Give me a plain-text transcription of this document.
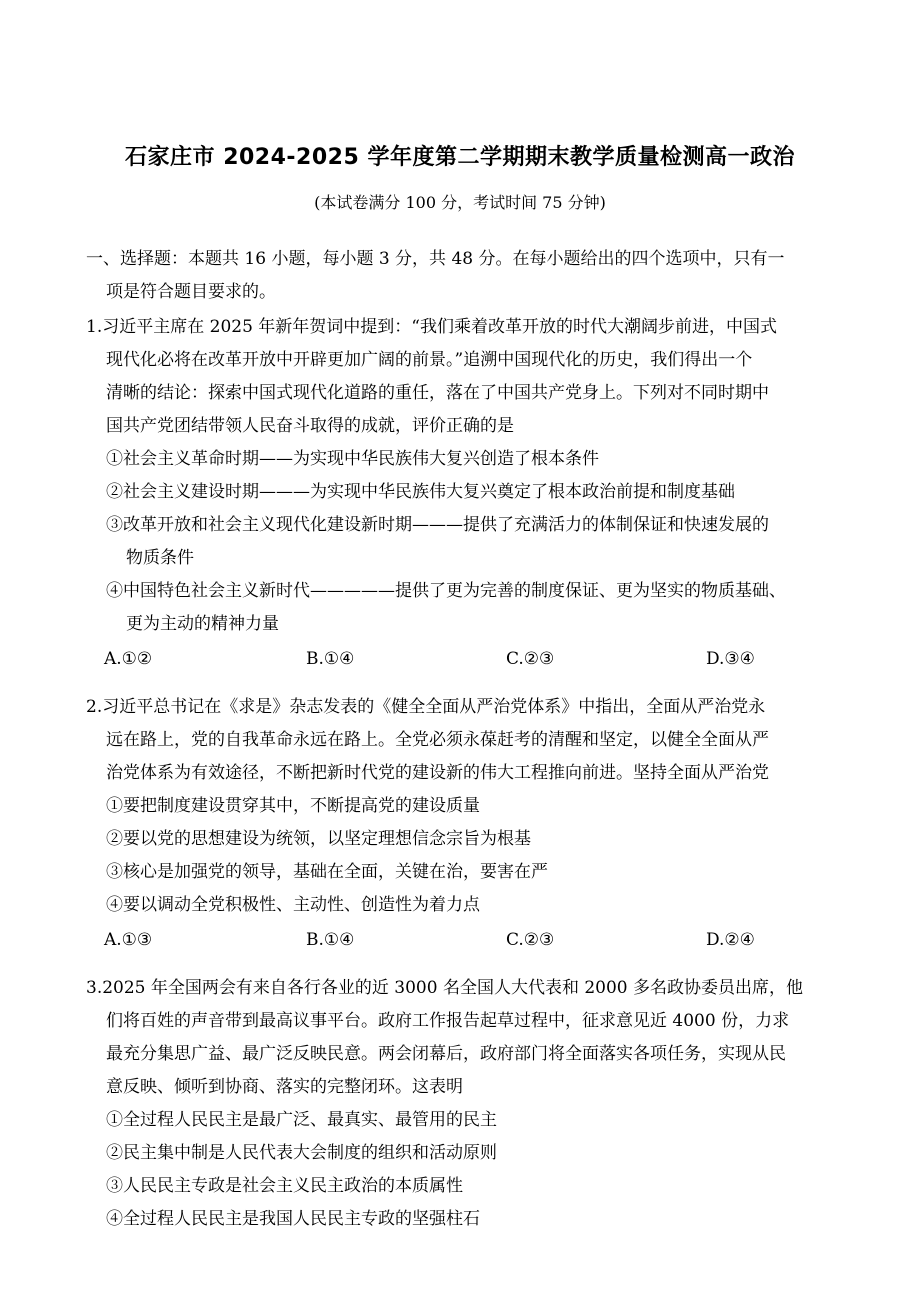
石家庄市 2024-2025 学年度第二学期期末教学质量检测高一政治
(本试卷满分 100 分，考试时间 75 分钟)
一、选择题：本题共 16 小题，每小题 3 分，共 48 分。在每小题给出的四个选项中，只有一
项是符合题目要求的。
1.习近平主席在 2025 年新年贺词中提到：“我们乘着改革开放的时代大潮阔步前进，中国式
现代化必将在改革开放中开辟更加广阔的前景。”追溯中国现代化的历史，我们得出一个
清晰的结论：探索中国式现代化道路的重任，落在了中国共产党身上。下列对不同时期中
国共产党团结带领人民奋斗取得的成就，评价正确的是
①社会主义革命时期——为实现中华民族伟大复兴创造了根本条件
②社会主义建设时期———为实现中华民族伟大复兴奠定了根本政治前提和制度基础
③改革开放和社会主义现代化建设新时期———提供了充满活力的体制保证和快速发展的
物质条件
④中国特色社会主义新时代—————提供了更为完善的制度保证、更为坚实的物质基础、
更为主动的精神力量
A.①②	B.①④	C.②③	D.③④
2.习近平总书记在《求是》杂志发表的《健全全面从严治党体系》中指出，全面从严治党永
远在路上，党的自我革命永远在路上。全党必须永葆赶考的清醒和坚定，以健全全面从严
治党体系为有效途径，不断把新时代党的建设新的伟大工程推向前进。坚持全面从严治党
①要把制度建设贯穿其中，不断提高党的建设质量
②要以党的思想建设为统领，以坚定理想信念宗旨为根基
③核心是加强党的领导，基础在全面，关键在治，要害在严
④要以调动全党积极性、主动性、创造性为着力点
A.①③	B.①④	C.②③	D.②④
3.2025 年全国两会有来自各行各业的近 3000 名全国人大代表和 2000 多名政协委员出席，他
们将百姓的声音带到最高议事平台。政府工作报告起草过程中，征求意见近 4000 份，力求
最充分集思广益、最广泛反映民意。两会闭幕后，政府部门将全面落实各项任务，实现从民
意反映、倾听到协商、落实的完整闭环。这表明
①全过程人民民主是最广泛、最真实、最管用的民主
②民主集中制是人民代表大会制度的组织和活动原则
③人民民主专政是社会主义民主政治的本质属性
④全过程人民民主是我国人民民主专政的坚强柱石
